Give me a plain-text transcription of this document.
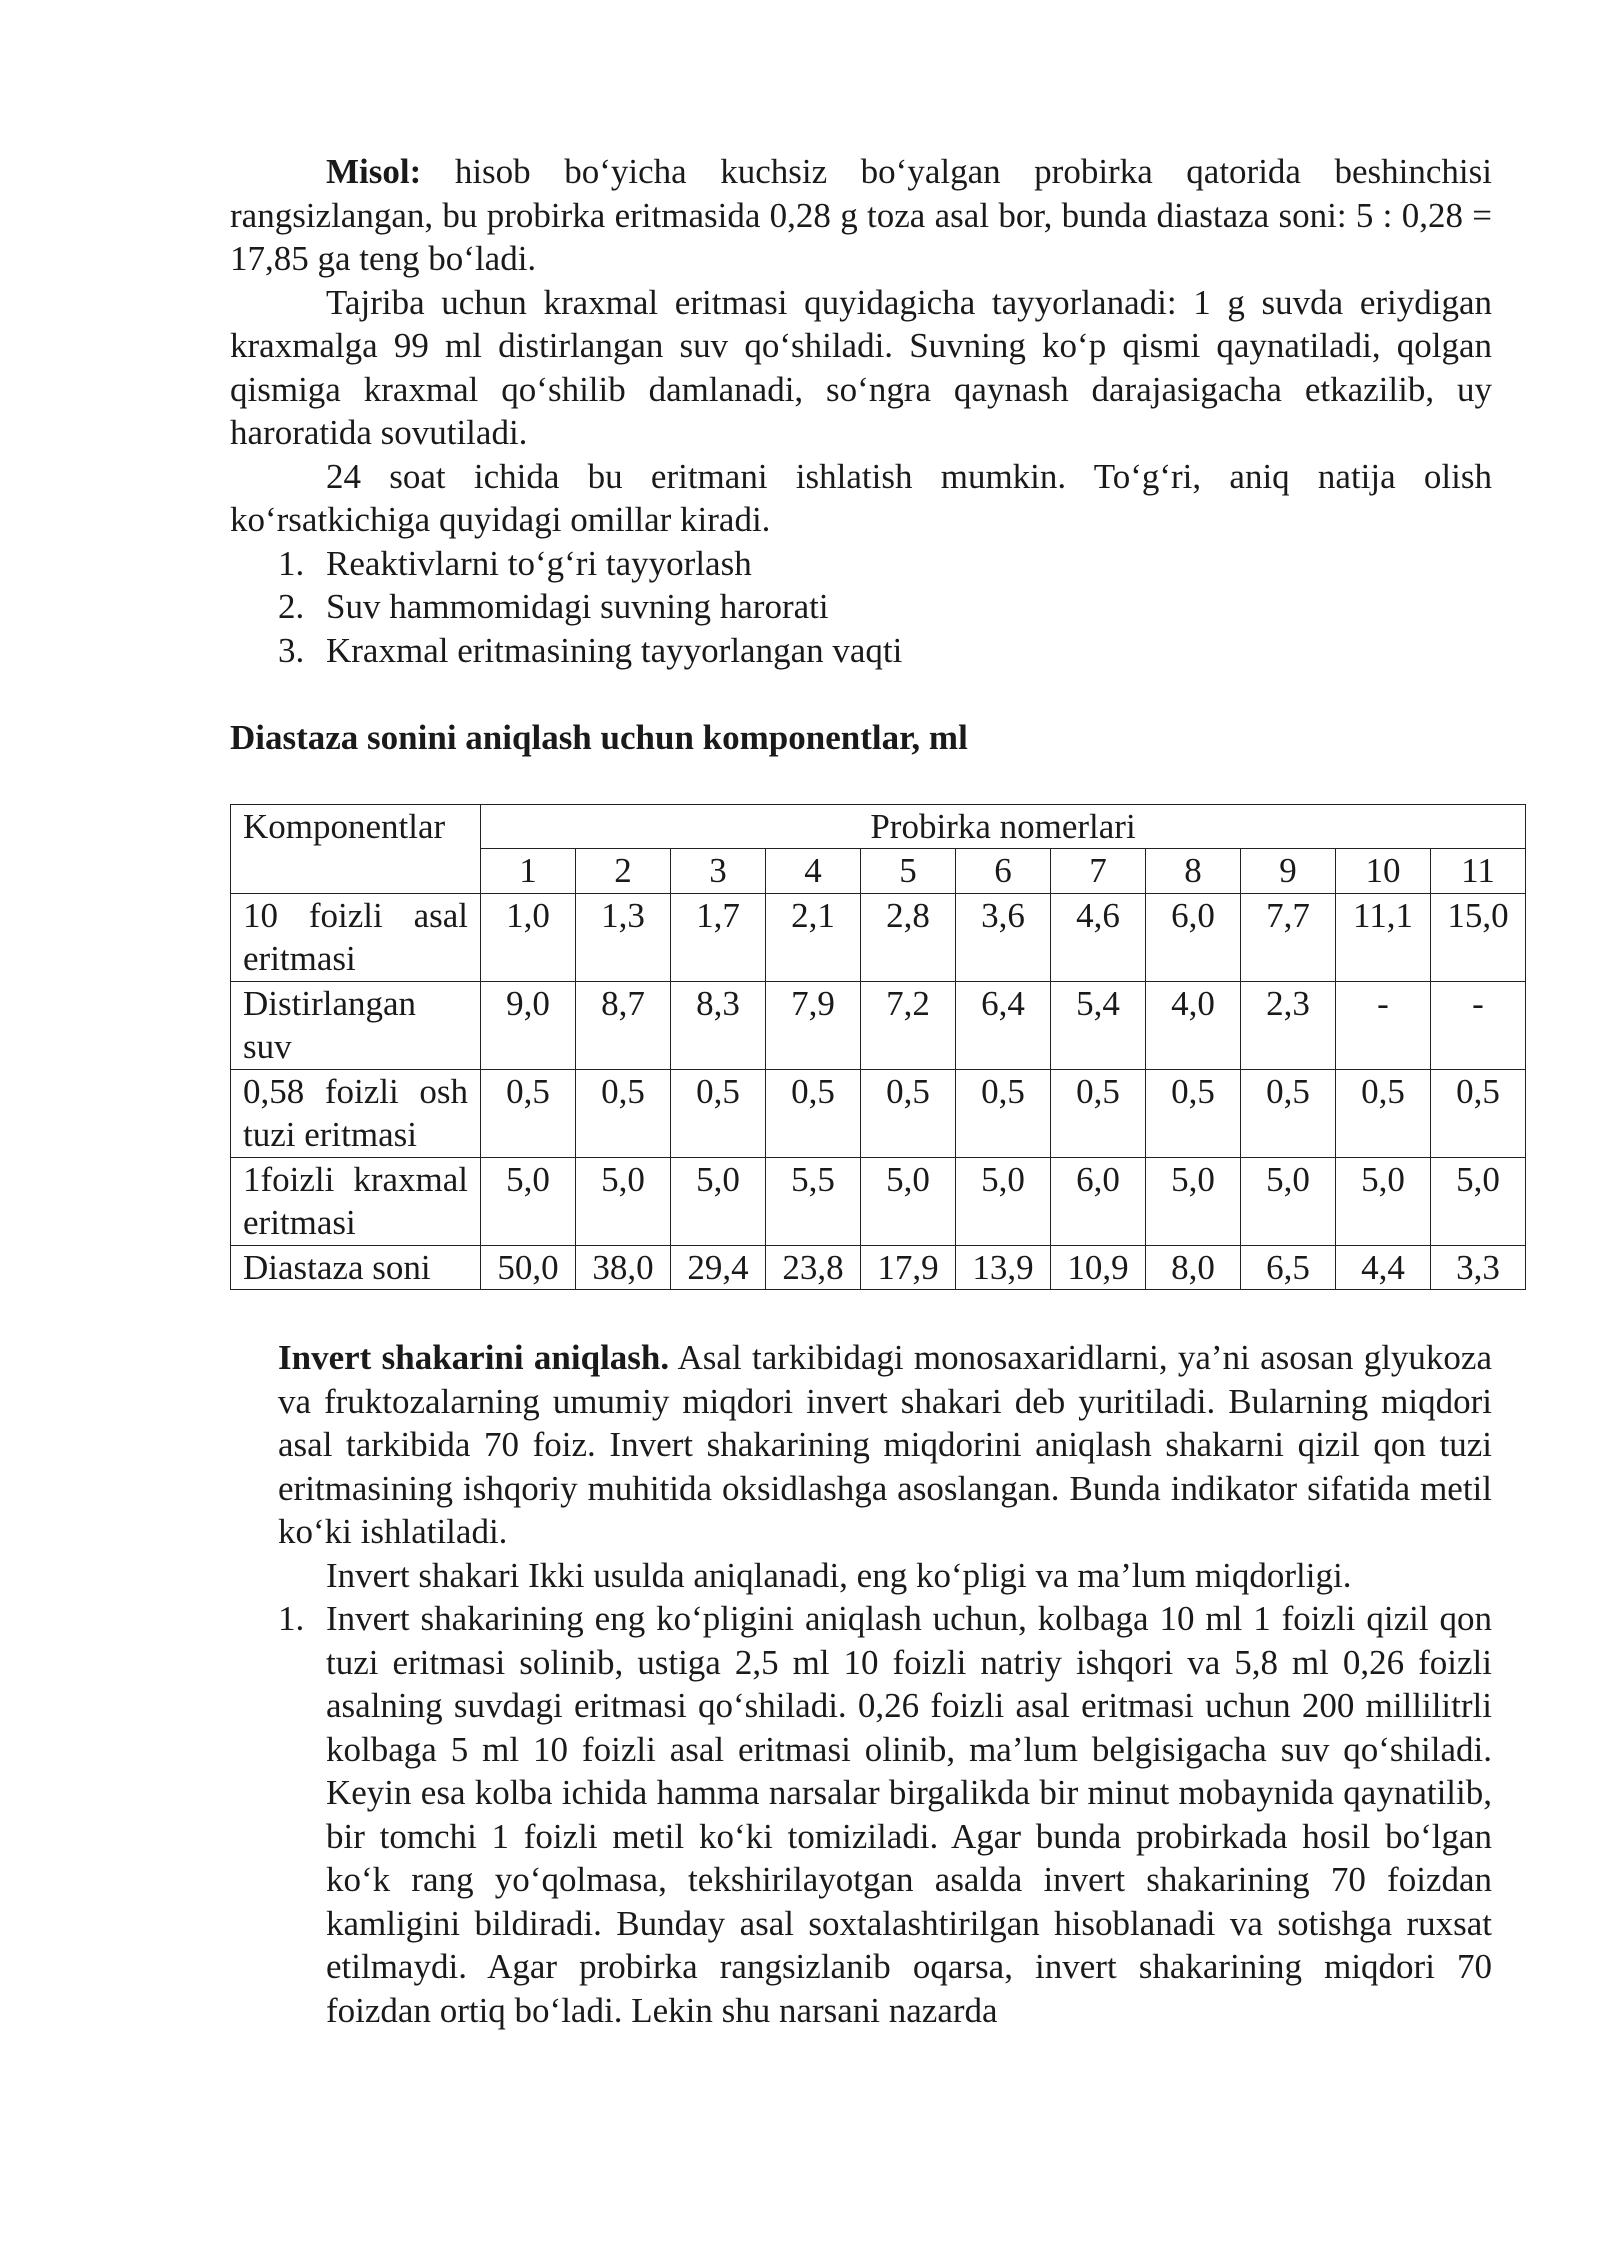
Misol: hisob bo‘yicha kuchsiz bo‘yalgan probirka qatorida beshinchisi rangsizlangan, bu probirka eritmasida 0,28 g toza asal bor, bunda diastaza soni: 5 : 0,28 = 17,85 ga teng bo‘ladi.

Tajriba uchun kraxmal eritmasi quyidagicha tayyorlanadi: 1 g suvda eriydigan kraxmalga 99 ml distirlangan suv qo‘shiladi. Suvning ko‘p qismi qaynatiladi, qolgan qismiga kraxmal qo‘shilib damlanadi, so‘ngra qaynash darajasigacha etkazilib, uy haroratida sovutiladi.

24 soat ichida bu eritmani ishlatish mumkin. To‘g‘ri, aniq natija olish ko‘rsatkichiga quyidagi omillar kiradi.

1. Reaktivlarni to‘g‘ri tayyorlash
2. Suv hammomidagi suvning harorati
3. Kraxmal eritmasining tayyorlangan vaqti

Diastaza sonini aniqlash uchun komponentlar, ml

Komponentlar	Probirka nomerlari										
	1	2	3	4	5	6	7	8	9	10	11
10 foizli asal eritmasi	1,0	1,3	1,7	2,1	2,8	3,6	4,6	6,0	7,7	11,1	15,0
Distirlangan suv	9,0	8,7	8,3	7,9	7,2	6,4	5,4	4,0	2,3	-	-
0,58 foizli osh tuzi eritmasi	0,5	0,5	0,5	0,5	0,5	0,5	0,5	0,5	0,5	0,5	0,5
1foizli kraxmal eritmasi	5,0	5,0	5,0	5,5	5,0	5,0	6,0	5,0	5,0	5,0	5,0
Diastaza soni	50,0	38,0	29,4	23,8	17,9	13,9	10,9	8,0	6,5	4,4	3,3

Invert shakarini aniqlash. Asal tarkibidagi monosaxaridlarni, ya’ni asosan glyukoza va fruktozalarning umumiy miqdori invert shakari deb yuritiladi. Bularning miqdori asal tarkibida 70 foiz. Invert shakarining miqdorini aniqlash shakarni qizil qon tuzi eritmasining ishqoriy muhitida oksidlashga asoslangan. Bunda indikator sifatida metil ko‘ki ishlatiladi.

Invert shakari Ikki usulda aniqlanadi, eng ko‘pligi va ma’lum miqdorligi.

1. Invert shakarining eng ko‘pligini aniqlash uchun, kolbaga 10 ml 1 foizli qizil qon tuzi eritmasi solinib, ustiga 2,5 ml 10 foizli natriy ishqori va 5,8 ml 0,26 foizli asalning suvdagi eritmasi qo‘shiladi. 0,26 foizli asal eritmasi uchun 200 millilitrli kolbaga 5 ml 10 foizli asal eritmasi olinib, ma’lum belgisigacha suv qo‘shiladi. Keyin esa kolba ichida hamma narsalar birgalikda bir minut mobaynida qaynatilib, bir tomchi 1 foizli metil ko‘ki tomiziladi. Agar bunda probirkada hosil bo‘lgan ko‘k rang yo‘qolmasa, tekshirilayotgan asalda invert shakarining 70 foizdan kamligini bildiradi. Bunday asal soxtalashtirilgan hisoblanadi va sotishga ruxsat etilmaydi. Agar probirka rangsizlanib oqarsa, invert shakarining miqdori 70 foizdan ortiq bo‘ladi. Lekin shu narsani nazarda
